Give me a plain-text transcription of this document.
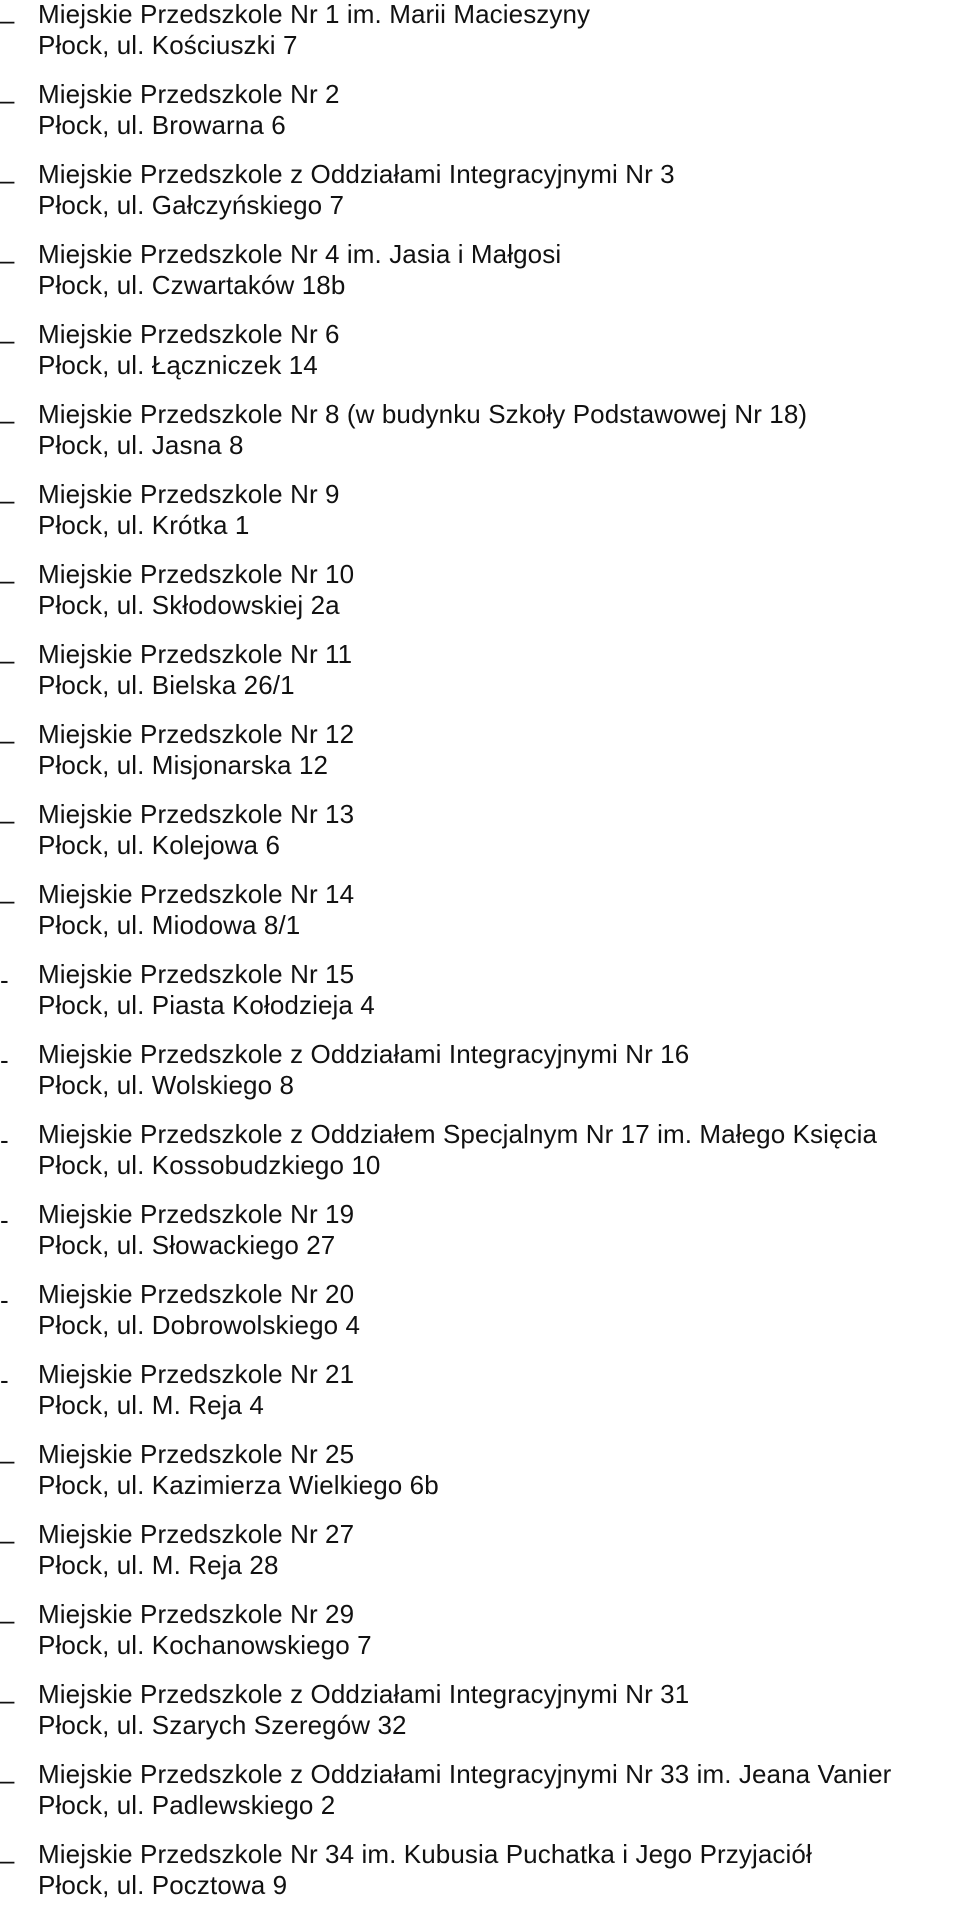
– Miejskie Przedszkole Nr 1 im. Marii Macieszyny
Płock, ul. Kościuszki 7
– Miejskie Przedszkole Nr 2
Płock, ul. Browarna 6
– Miejskie Przedszkole z Oddziałami Integracyjnymi Nr 3
Płock, ul. Gałczyńskiego 7
– Miejskie Przedszkole Nr 4 im. Jasia i Małgosi
Płock, ul. Czwartaków 18b
– Miejskie Przedszkole Nr 6
Płock, ul. Łączniczek 14
– Miejskie Przedszkole Nr 8 (w budynku Szkoły Podstawowej Nr 18)
Płock, ul. Jasna 8
– Miejskie Przedszkole Nr 9
Płock, ul. Krótka 1
– Miejskie Przedszkole Nr 10
Płock, ul. Skłodowskiej 2a
– Miejskie Przedszkole Nr 11
Płock, ul. Bielska 26/1
– Miejskie Przedszkole Nr 12
Płock, ul. Misjonarska 12
– Miejskie Przedszkole Nr 13
Płock, ul. Kolejowa 6
– Miejskie Przedszkole Nr 14
Płock, ul. Miodowa 8/1
-	Miejskie Przedszkole Nr 15
Płock, ul. Piasta Kołodzieja 4
-	Miejskie Przedszkole z Oddziałami Integracyjnymi Nr 16
Płock, ul. Wolskiego 8
-	Miejskie Przedszkole z Oddziałem Specjalnym Nr 17 im. Małego Księcia
Płock, ul. Kossobudzkiego 10
-	Miejskie Przedszkole Nr 19
Płock, ul. Słowackiego 27
-	Miejskie Przedszkole Nr 20
Płock, ul. Dobrowolskiego 4
-	Miejskie Przedszkole Nr 21
Płock, ul. M. Reja 4
– Miejskie Przedszkole Nr 25
Płock, ul. Kazimierza Wielkiego 6b
– Miejskie Przedszkole Nr 27
Płock, ul. M. Reja 28
– Miejskie Przedszkole Nr 29
Płock, ul. Kochanowskiego 7
– Miejskie Przedszkole z Oddziałami Integracyjnymi Nr 31
Płock, ul. Szarych Szeregów 32
– Miejskie Przedszkole z Oddziałami Integracyjnymi Nr 33 im. Jeana Vanier
Płock, ul. Padlewskiego 2
– Miejskie Przedszkole Nr 34 im. Kubusia Puchatka i Jego Przyjaciół
Płock, ul. Pocztowa 9
